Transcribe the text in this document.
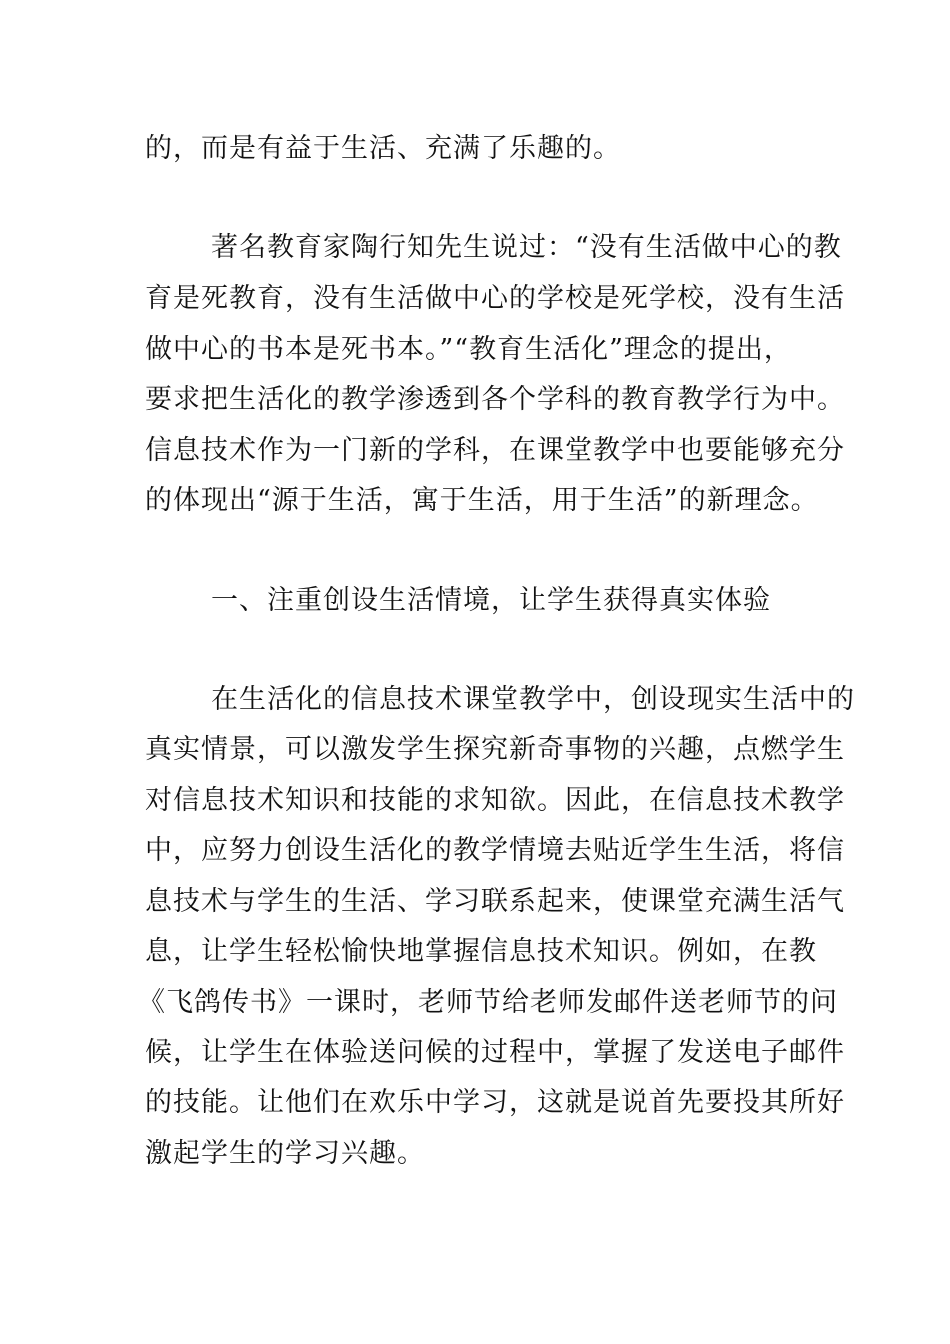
的，而是有益于生活、充满了乐趣的。
著名教育家陶行知先生说过：“没有生活做中心的教
育是死教育，没有生活做中心的学校是死学校，没有生活
做中心的书本是死书本。”“教育生活化”理念的提出，
要求把生活化的教学渗透到各个学科的教育教学行为中。
信息技术作为一门新的学科，在课堂教学中也要能够充分
的体现出“源于生活，寓于生活，用于生活”的新理念。
一、注重创设生活情境，让学生获得真实体验
在生活化的信息技术课堂教学中，创设现实生活中的
真实情景，可以激发学生探究新奇事物的兴趣，点燃学生
对信息技术知识和技能的求知欲。因此，在信息技术教学
中，应努力创设生活化的教学情境去贴近学生生活，将信
息技术与学生的生活、学习联系起来，使课堂充满生活气
息，让学生轻松愉快地掌握信息技术知识。例如，在教
《飞鸽传书》一课时，老师节给老师发邮件送老师节的问
候，让学生在体验送问候的过程中，掌握了发送电子邮件
的技能。让他们在欢乐中学习，这就是说首先要投其所好
激起学生的学习兴趣。
